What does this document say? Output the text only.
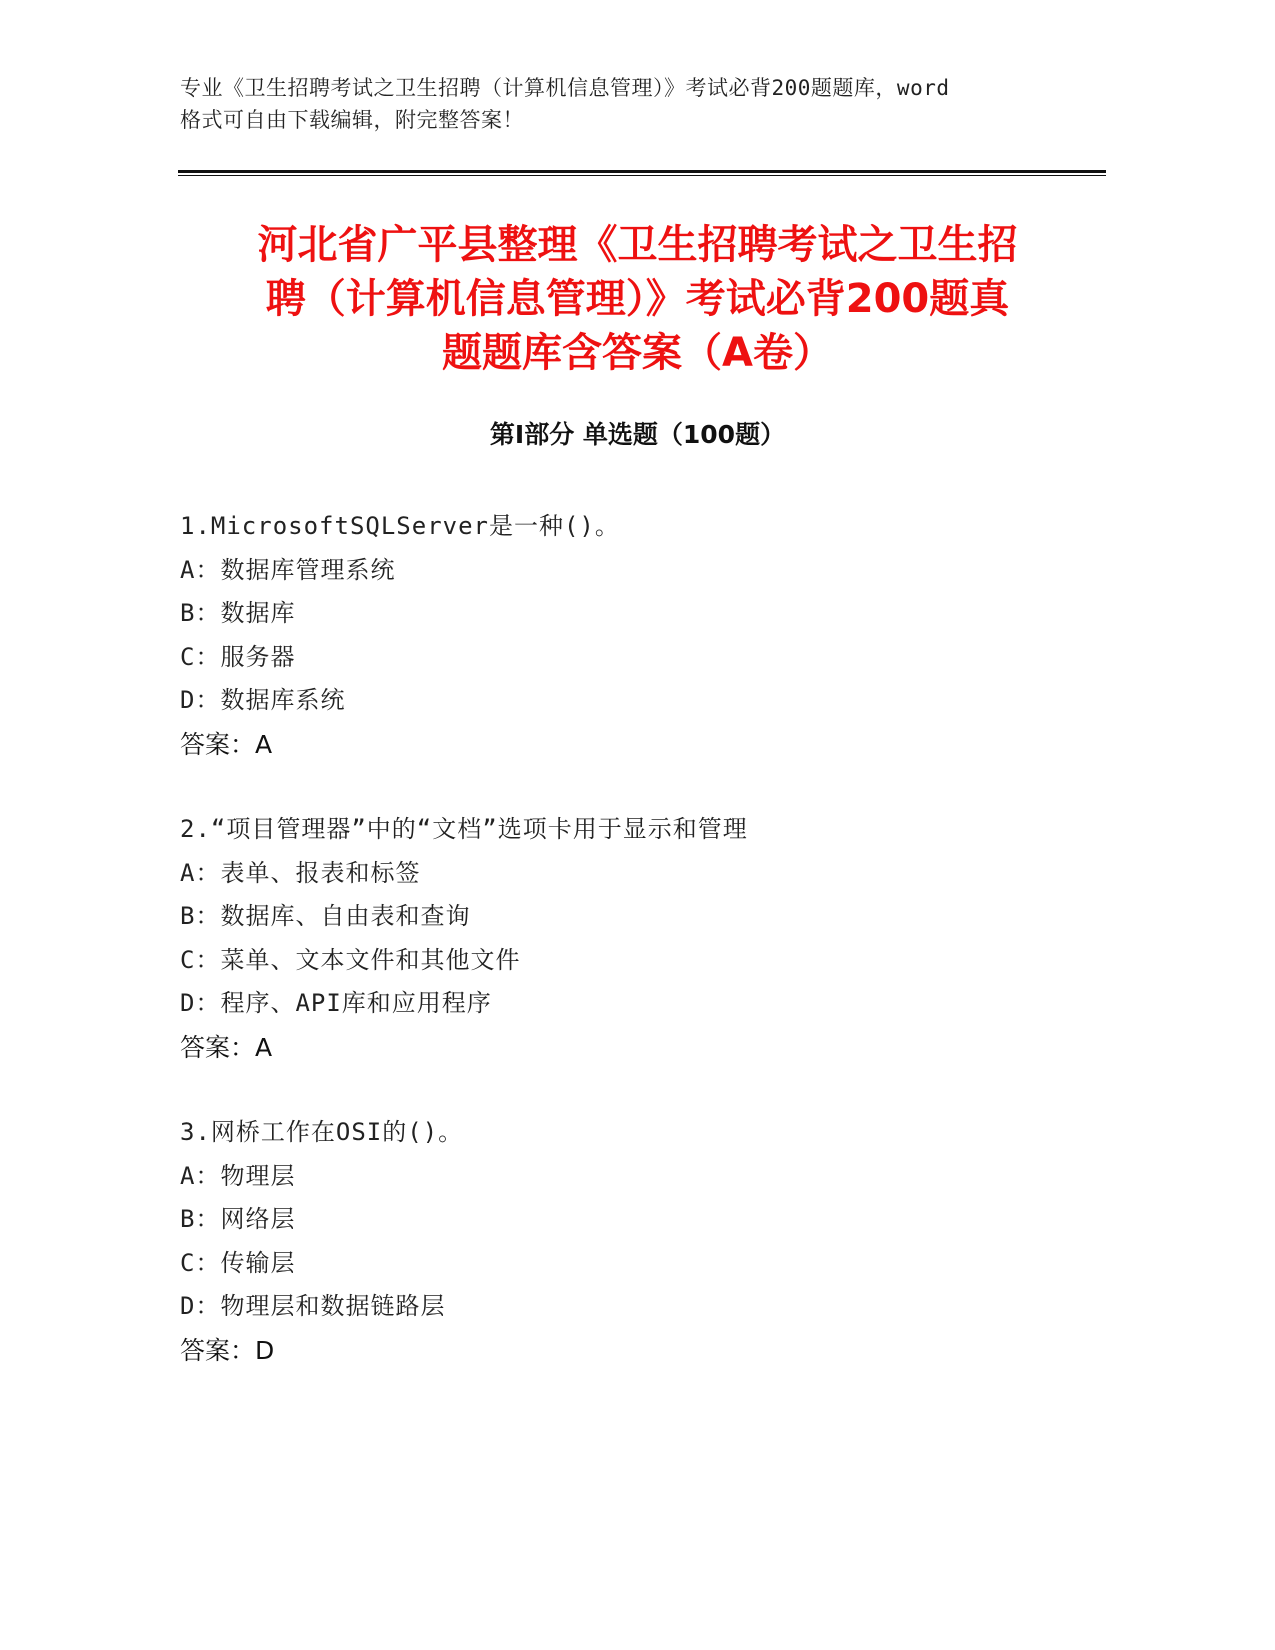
专业《卫生招聘考试之卫生招聘（计算机信息管理）》考试必背200题题库，word
格式可自由下载编辑，附完整答案！
河北省广平县整理《卫生招聘考试之卫生招
聘（计算机信息管理）》考试必背200题真
题题库含答案（A卷）
第I部分 单选题（100题）
1.MicrosoftSQLServer是一种()。
A：数据库管理系统
B：数据库
C：服务器
D：数据库系统
答案：A
2.“项目管理器”中的“文档”选项卡用于显示和管理
A：表单、报表和标签
B：数据库、自由表和查询
C：菜单、文本文件和其他文件
D：程序、API库和应用程序
答案：A
3.网桥工作在OSI的()。
A：物理层
B：网络层
C：传输层
D：物理层和数据链路层
答案：D
